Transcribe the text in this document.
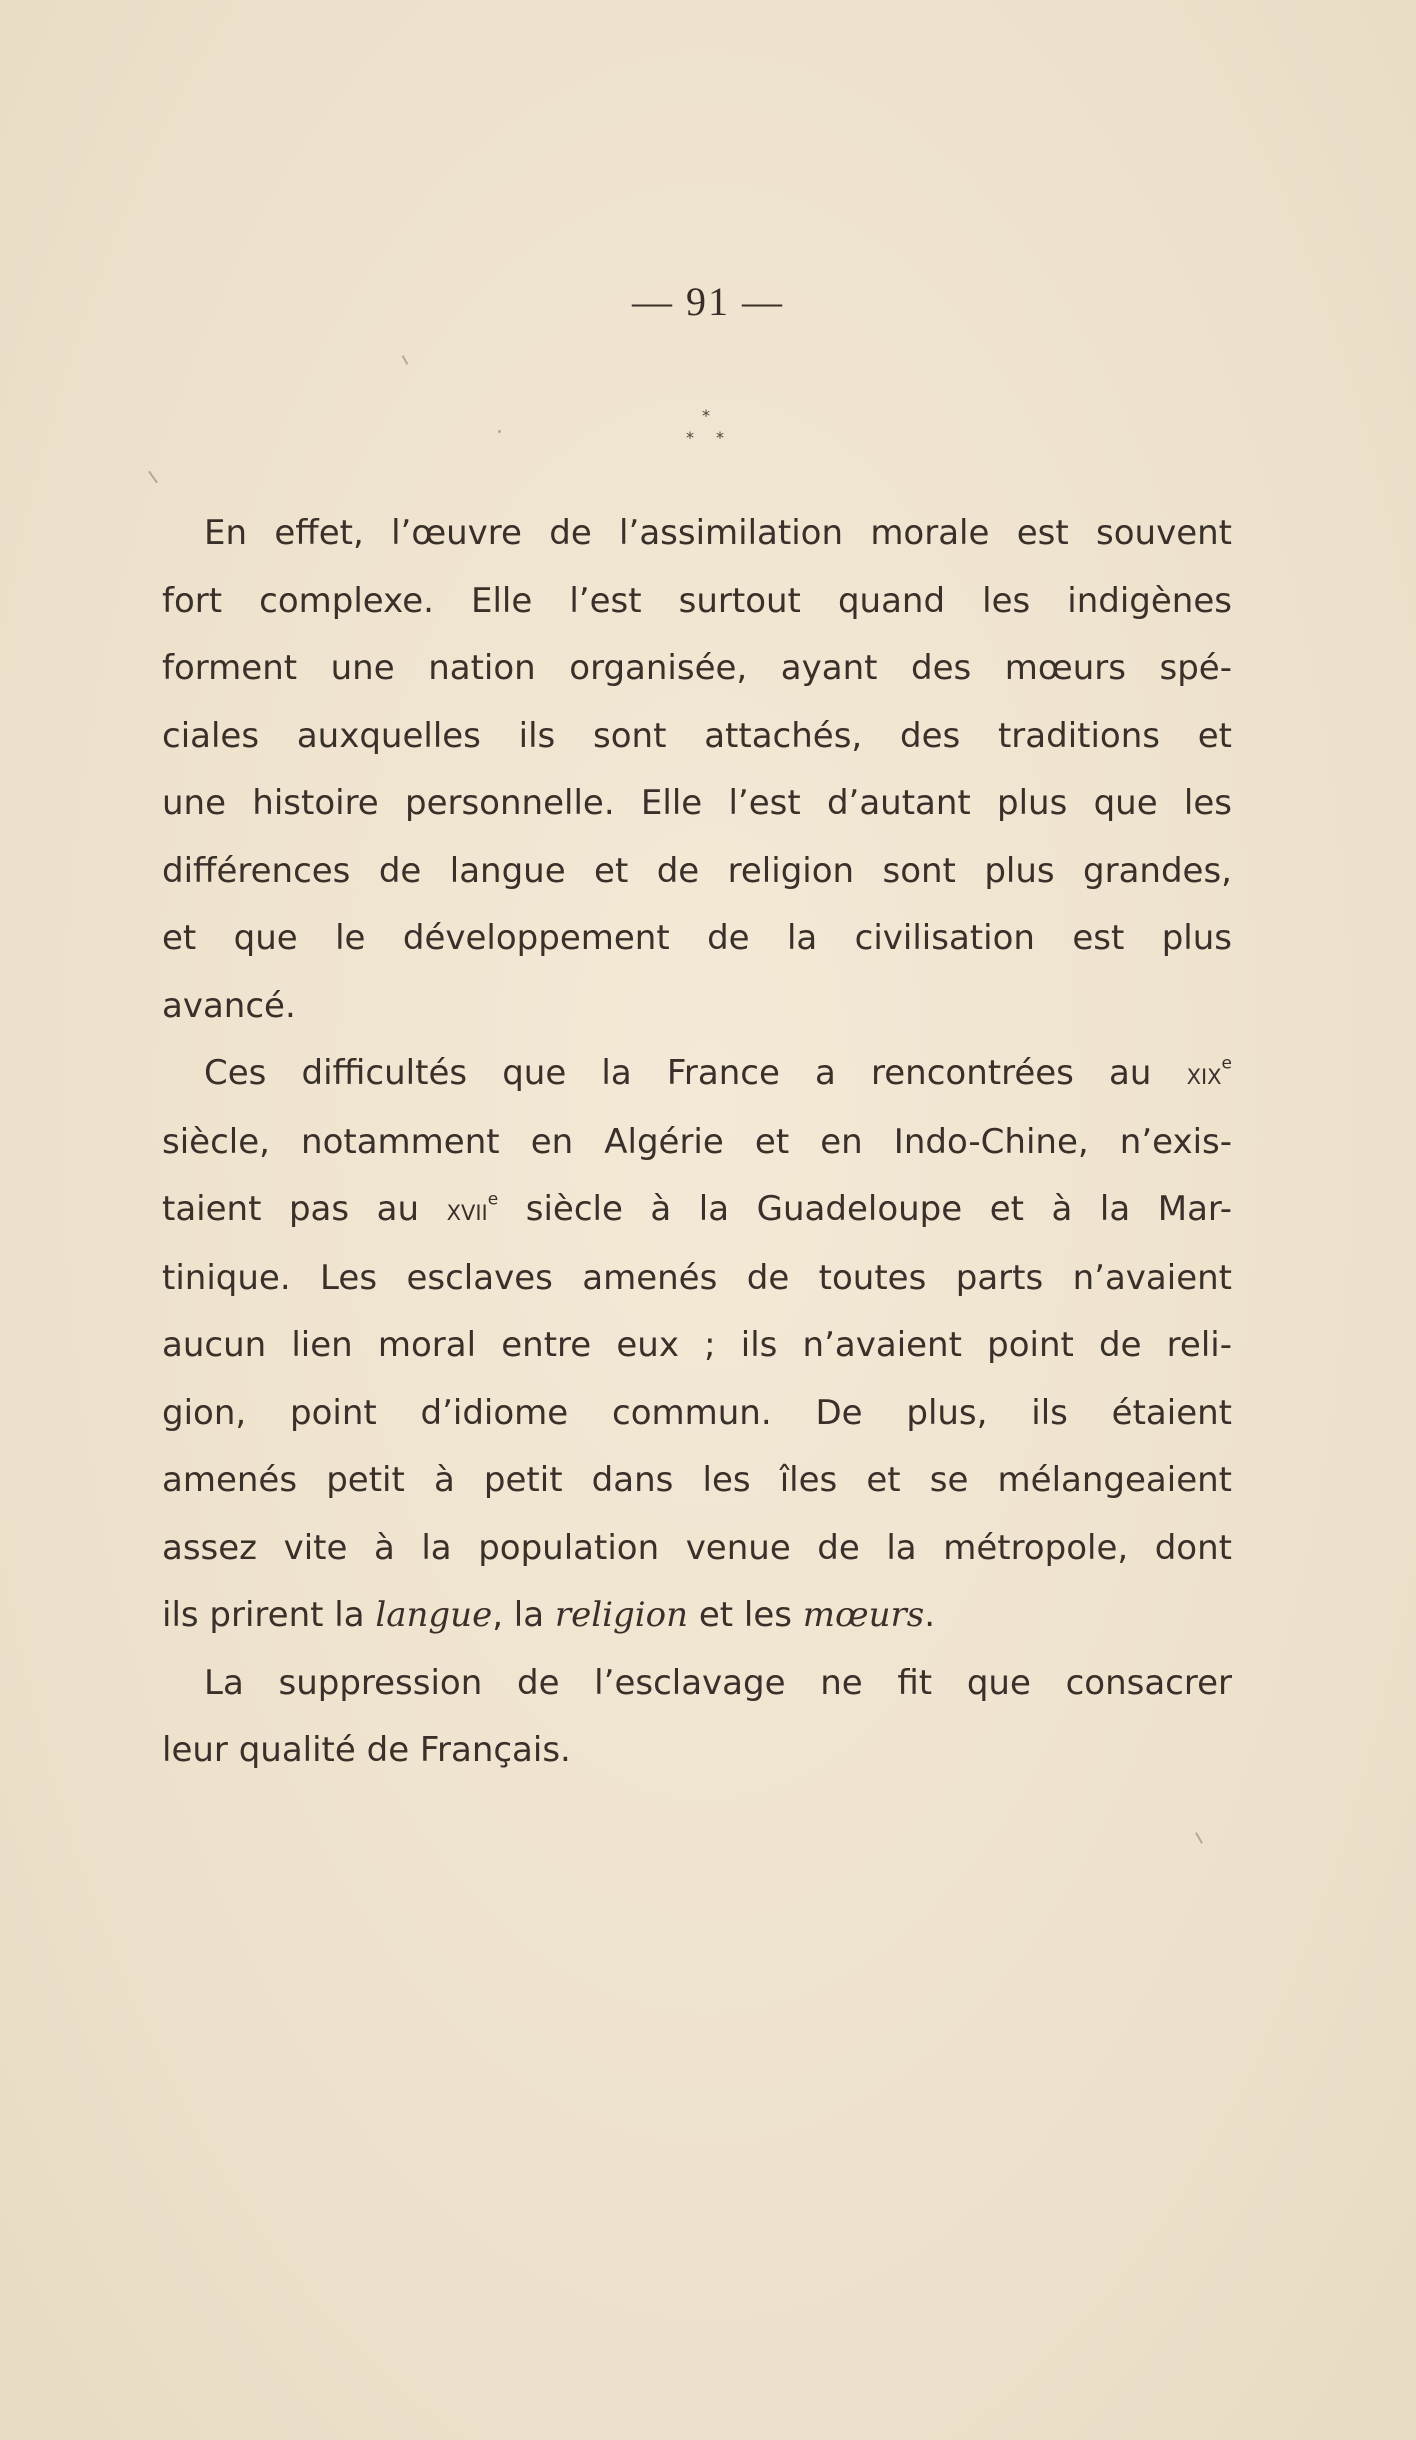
— 91 —
*
* *

En effet, l’œuvre de l’assimilation morale est souvent
fort complexe. Elle l’est surtout quand les indigènes
forment une nation organisée, ayant des mœurs spé-
ciales auxquelles ils sont attachés, des traditions et
une histoire personnelle. Elle l’est d’autant plus que les
différences de langue et de religion sont plus grandes,
et que le développement de la civilisation est plus
avancé.

Ces difficultés que la France a rencontrées au xix$^e$
siècle, notamment en Algérie et en Indo-Chine, n’exis-
taient pas au xvii$^e$ siècle à la Guadeloupe et à la Mar-
tinique. Les esclaves amenés de toutes parts n’avaient
aucun lien moral entre eux ; ils n’avaient point de reli-
gion, point d’idiome commun. De plus, ils étaient
amenés petit à petit dans les îles et se mélangeaient
assez vite à la population venue de la métropole, dont
ils prirent la langue, la religion et les mœurs.

La suppression de l’esclavage ne fit que consacrer
leur qualité de Français.
